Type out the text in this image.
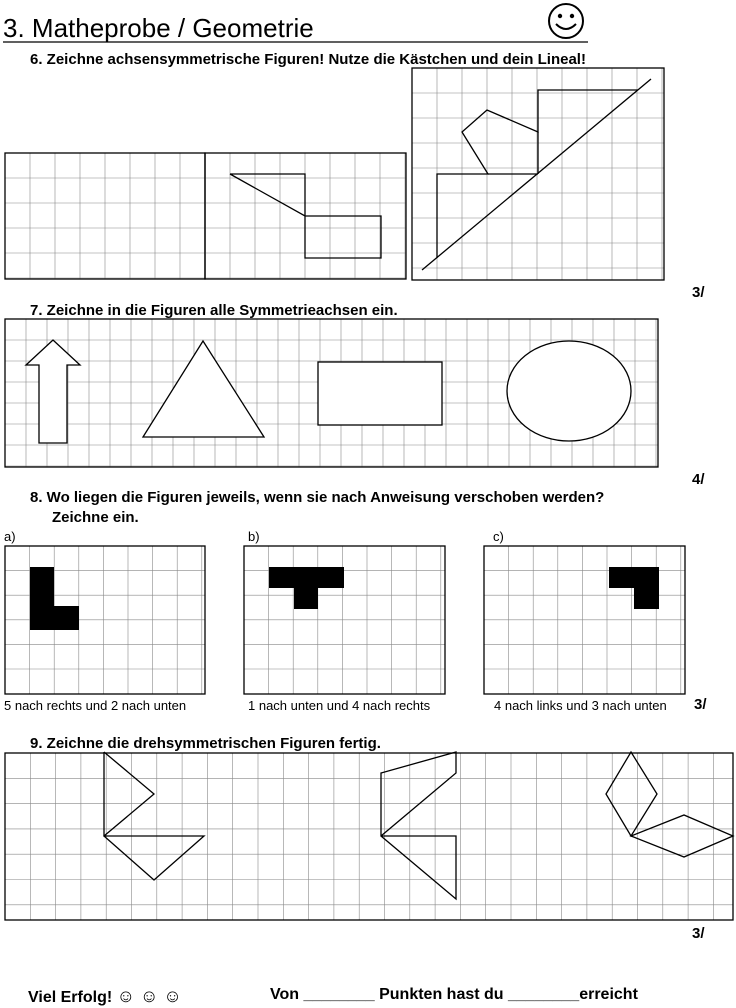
3. Matheprobe / Geometrie
6. Zeichne achsensymmetrische Figuren! Nutze die Kästchen und dein Lineal!
3/
7. Zeichne in die Figuren alle Symmetrieachsen ein.
4/
8. Wo liegen die Figuren jeweils, wenn sie nach Anweisung verschoben werden?
Zeichne ein.
a)	b)	c)
5 nach rechts und 2 nach unten	1 nach unten und 4 nach rechts	4 nach links und 3 nach unten 3/
9. Zeichne die drehsymmetrischen Figuren fertig.
3/
Viel Erfolg! ☺ ☺ ☺	Von ________ Punkten hast du ________erreicht
